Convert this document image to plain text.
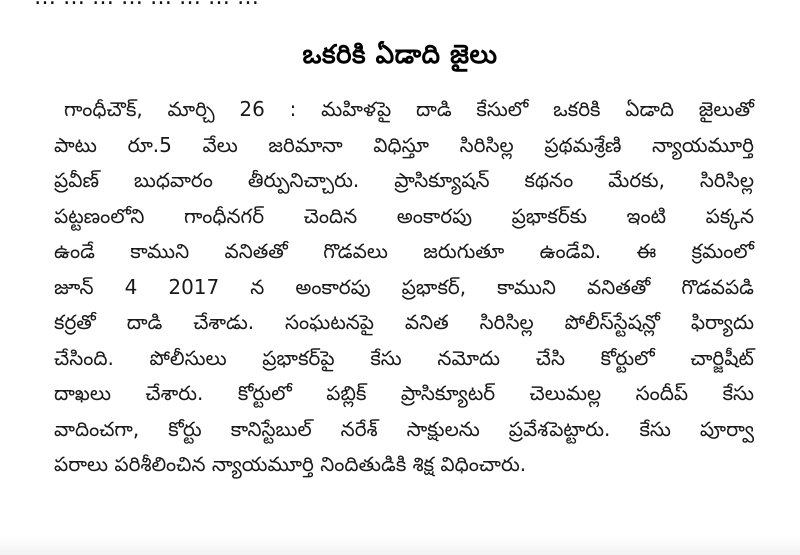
ఒకరికి ఏడాది జైలు
గాంధీచౌక్, మార్చి 26 : మహిళపై దాడి కేసులో ఒకరికి ఏడాది జైలుతో
పాటు రూ.5 వేలు జరిమానా విధిస్తూ సిరిసిల్ల ప్రథమశ్రేణి న్యాయమూర్తి
ప్రవీణ్ బుధవారం తీర్పునిచ్చారు. ప్రాసిక్యూషన్ కథనం మేరకు, సిరిసిల్ల
పట్టణంలోని గాంధీనగర్ చెందిన అంకారపు ప్రభాకర్‌కు ఇంటి పక్కన
ఉండే కాముని వనితతో గొడవలు జరుగుతూ ఉండేవి. ఈ క్రమంలో
జూన్ 4 2017 న అంకారపు ప్రభాకర్, కాముని వనితతో గొడవపడి
కర్రతో దాడి చేశాడు. సంఘటనపై వనిత సిరిసిల్ల పోలీస్‌స్టేషన్లో ఫిర్యాదు
చేసింది. పోలీసులు ప్రభాకర్‌పై కేసు నమోదు చేసి కోర్టులో చార్జిషీట్
దాఖలు చేశారు. కోర్టులో పబ్లిక్ ప్రాసిక్యూటర్ చెలుమల్ల సందీప్ కేసు
వాదించగా, కోర్టు కానిస్టేబుల్ నరేశ్ సాక్షులను ప్రవేశపెట్టారు. కేసు పూర్వా
పరాలు పరిశీలించిన న్యాయమూర్తి నిందితుడికి శిక్ష విధించారు.
